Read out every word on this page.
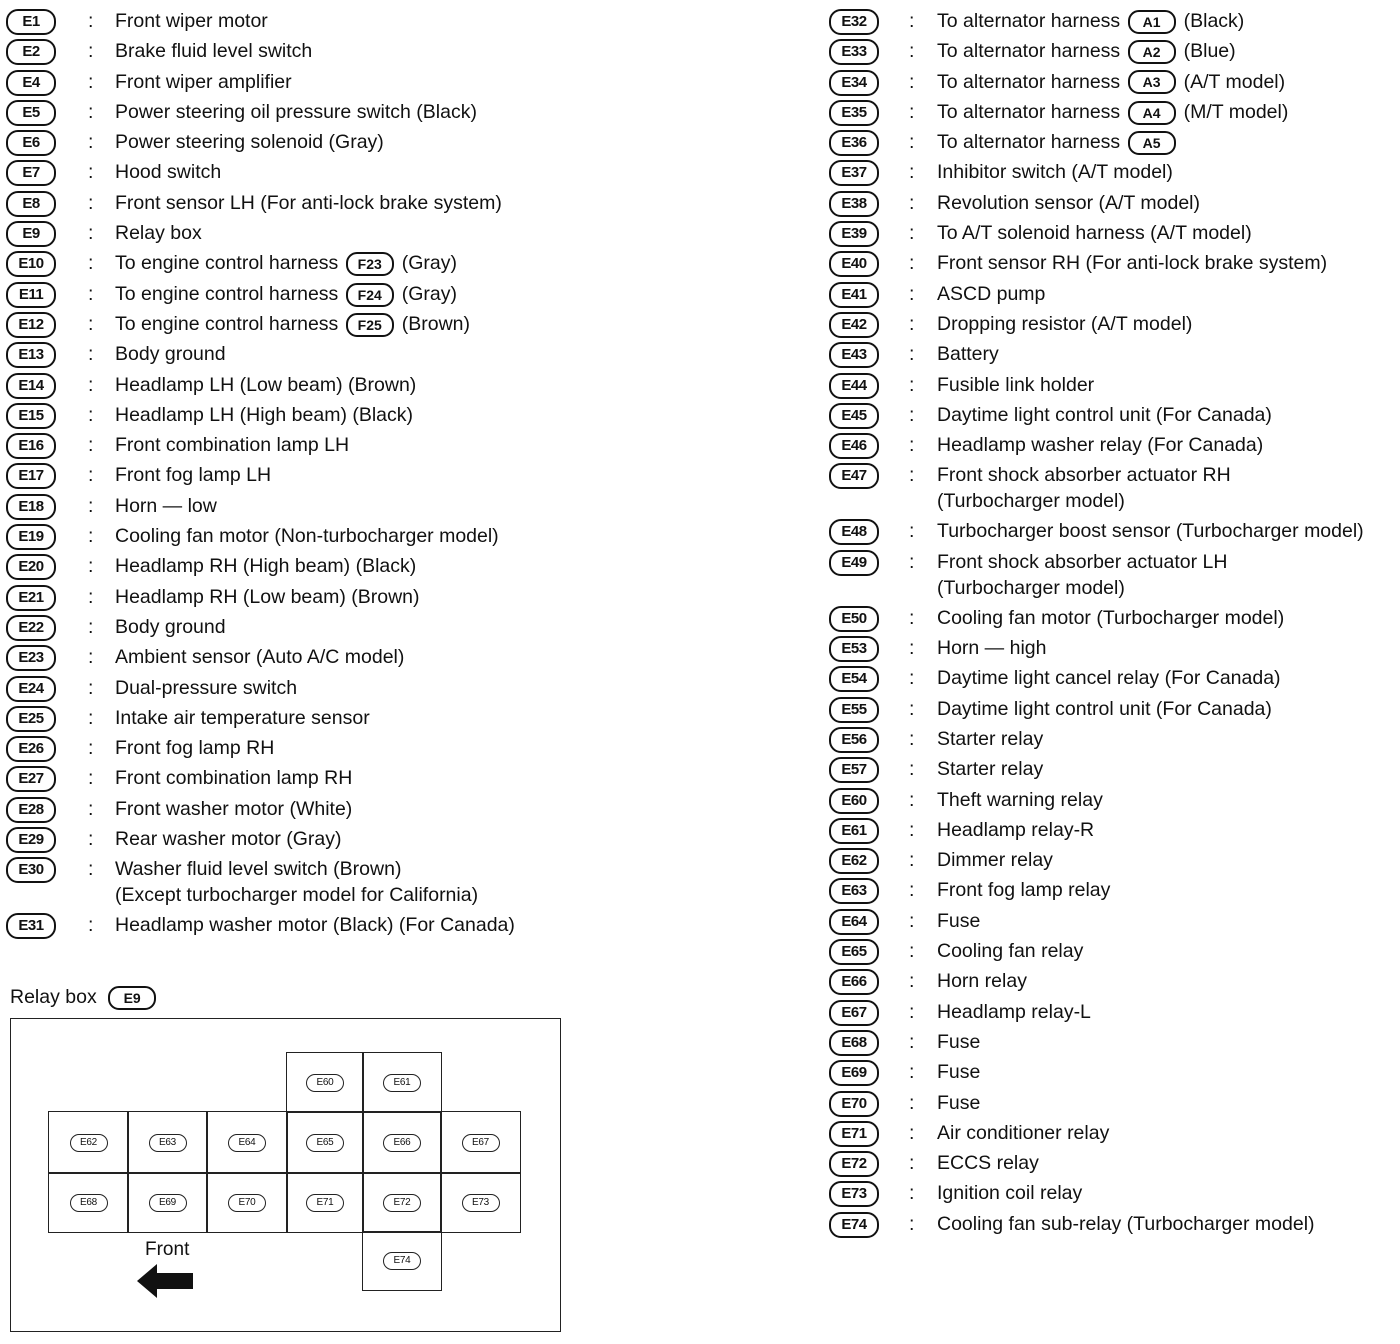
E1	: Front wiper motor
E2	: Brake fluid level switch
E4	: Front wiper amplifier
E5	: Power steering oil pressure switch (Black)
E6	: Power steering solenoid (Gray)
E7	: Hood switch
E8	: Front sensor LH (For anti-lock brake system)
E9	: Relay box
E10	: To engine control harness F23 (Gray)
E11	: To engine control harness F24 (Gray)
E12	: To engine control harness F25 (Brown)
E13	: Body ground
E14	: Headlamp LH (Low beam) (Brown)
E15	: Headlamp LH (High beam) (Black)
E16	: Front combination lamp LH
E17	: Front fog lamp LH
E18	: Horn — low
E19	: Cooling fan motor (Non-turbocharger model)
E20	: Headlamp RH (High beam) (Black)
E21	: Headlamp RH (Low beam) (Brown)
E22	: Body ground
E23	: Ambient sensor (Auto A/C model)
E24	: Dual-pressure switch
E25	: Intake air temperature sensor
E26	: Front fog lamp RH
E27	: Front combination lamp RH
E28	: Front washer motor (White)
E29	: Rear washer motor (Gray)
E30	: Washer fluid level switch (Brown)
(Except turbocharger model for California)
E31	: Headlamp washer motor (Black) (For Canada)
E32	: To alternator harness A1 (Black)
E33	: To alternator harness A2 (Blue)
E34	: To alternator harness A3 (A/T model)
E35	: To alternator harness A4 (M/T model)
E36	: To alternator harness A5
E37	: Inhibitor switch (A/T model)
E38	: Revolution sensor (A/T model)
E39	: To A/T solenoid harness (A/T model)
E40	: Front sensor RH (For anti-lock brake system)
E41	: ASCD pump
E42	: Dropping resistor (A/T model)
E43	: Battery
E44	: Fusible link holder
E45	: Daytime light control unit (For Canada)
E46	: Headlamp washer relay (For Canada)
E47	: Front shock absorber actuator RH
(Turbocharger model)
E48	: Turbocharger boost sensor (Turbocharger model)
E49	: Front shock absorber actuator LH
(Turbocharger model)
E50	: Cooling fan motor (Turbocharger model)
E53	: Horn — high
E54	: Daytime light cancel relay (For Canada)
E55	: Daytime light control unit (For Canada)
E56	: Starter relay
E57	: Starter relay
E60	: Theft warning relay
E61	: Headlamp relay-R
E62	: Dimmer relay
E63	: Front fog lamp relay
E64	: Fuse
E65	: Cooling fan relay
E66	: Horn relay
E67	: Headlamp relay-L
E68	: Fuse
E69	: Fuse
E70	: Fuse
E71	: Air conditioner relay
E72	: ECCS relay
E73	: Ignition coil relay
E74	: Cooling fan sub-relay (Turbocharger model)
Relay box E9
E60	E61
E62	E63	E64	E65	E66	E67
E68	E69	E70	E71	E72	E73
E74
Front
